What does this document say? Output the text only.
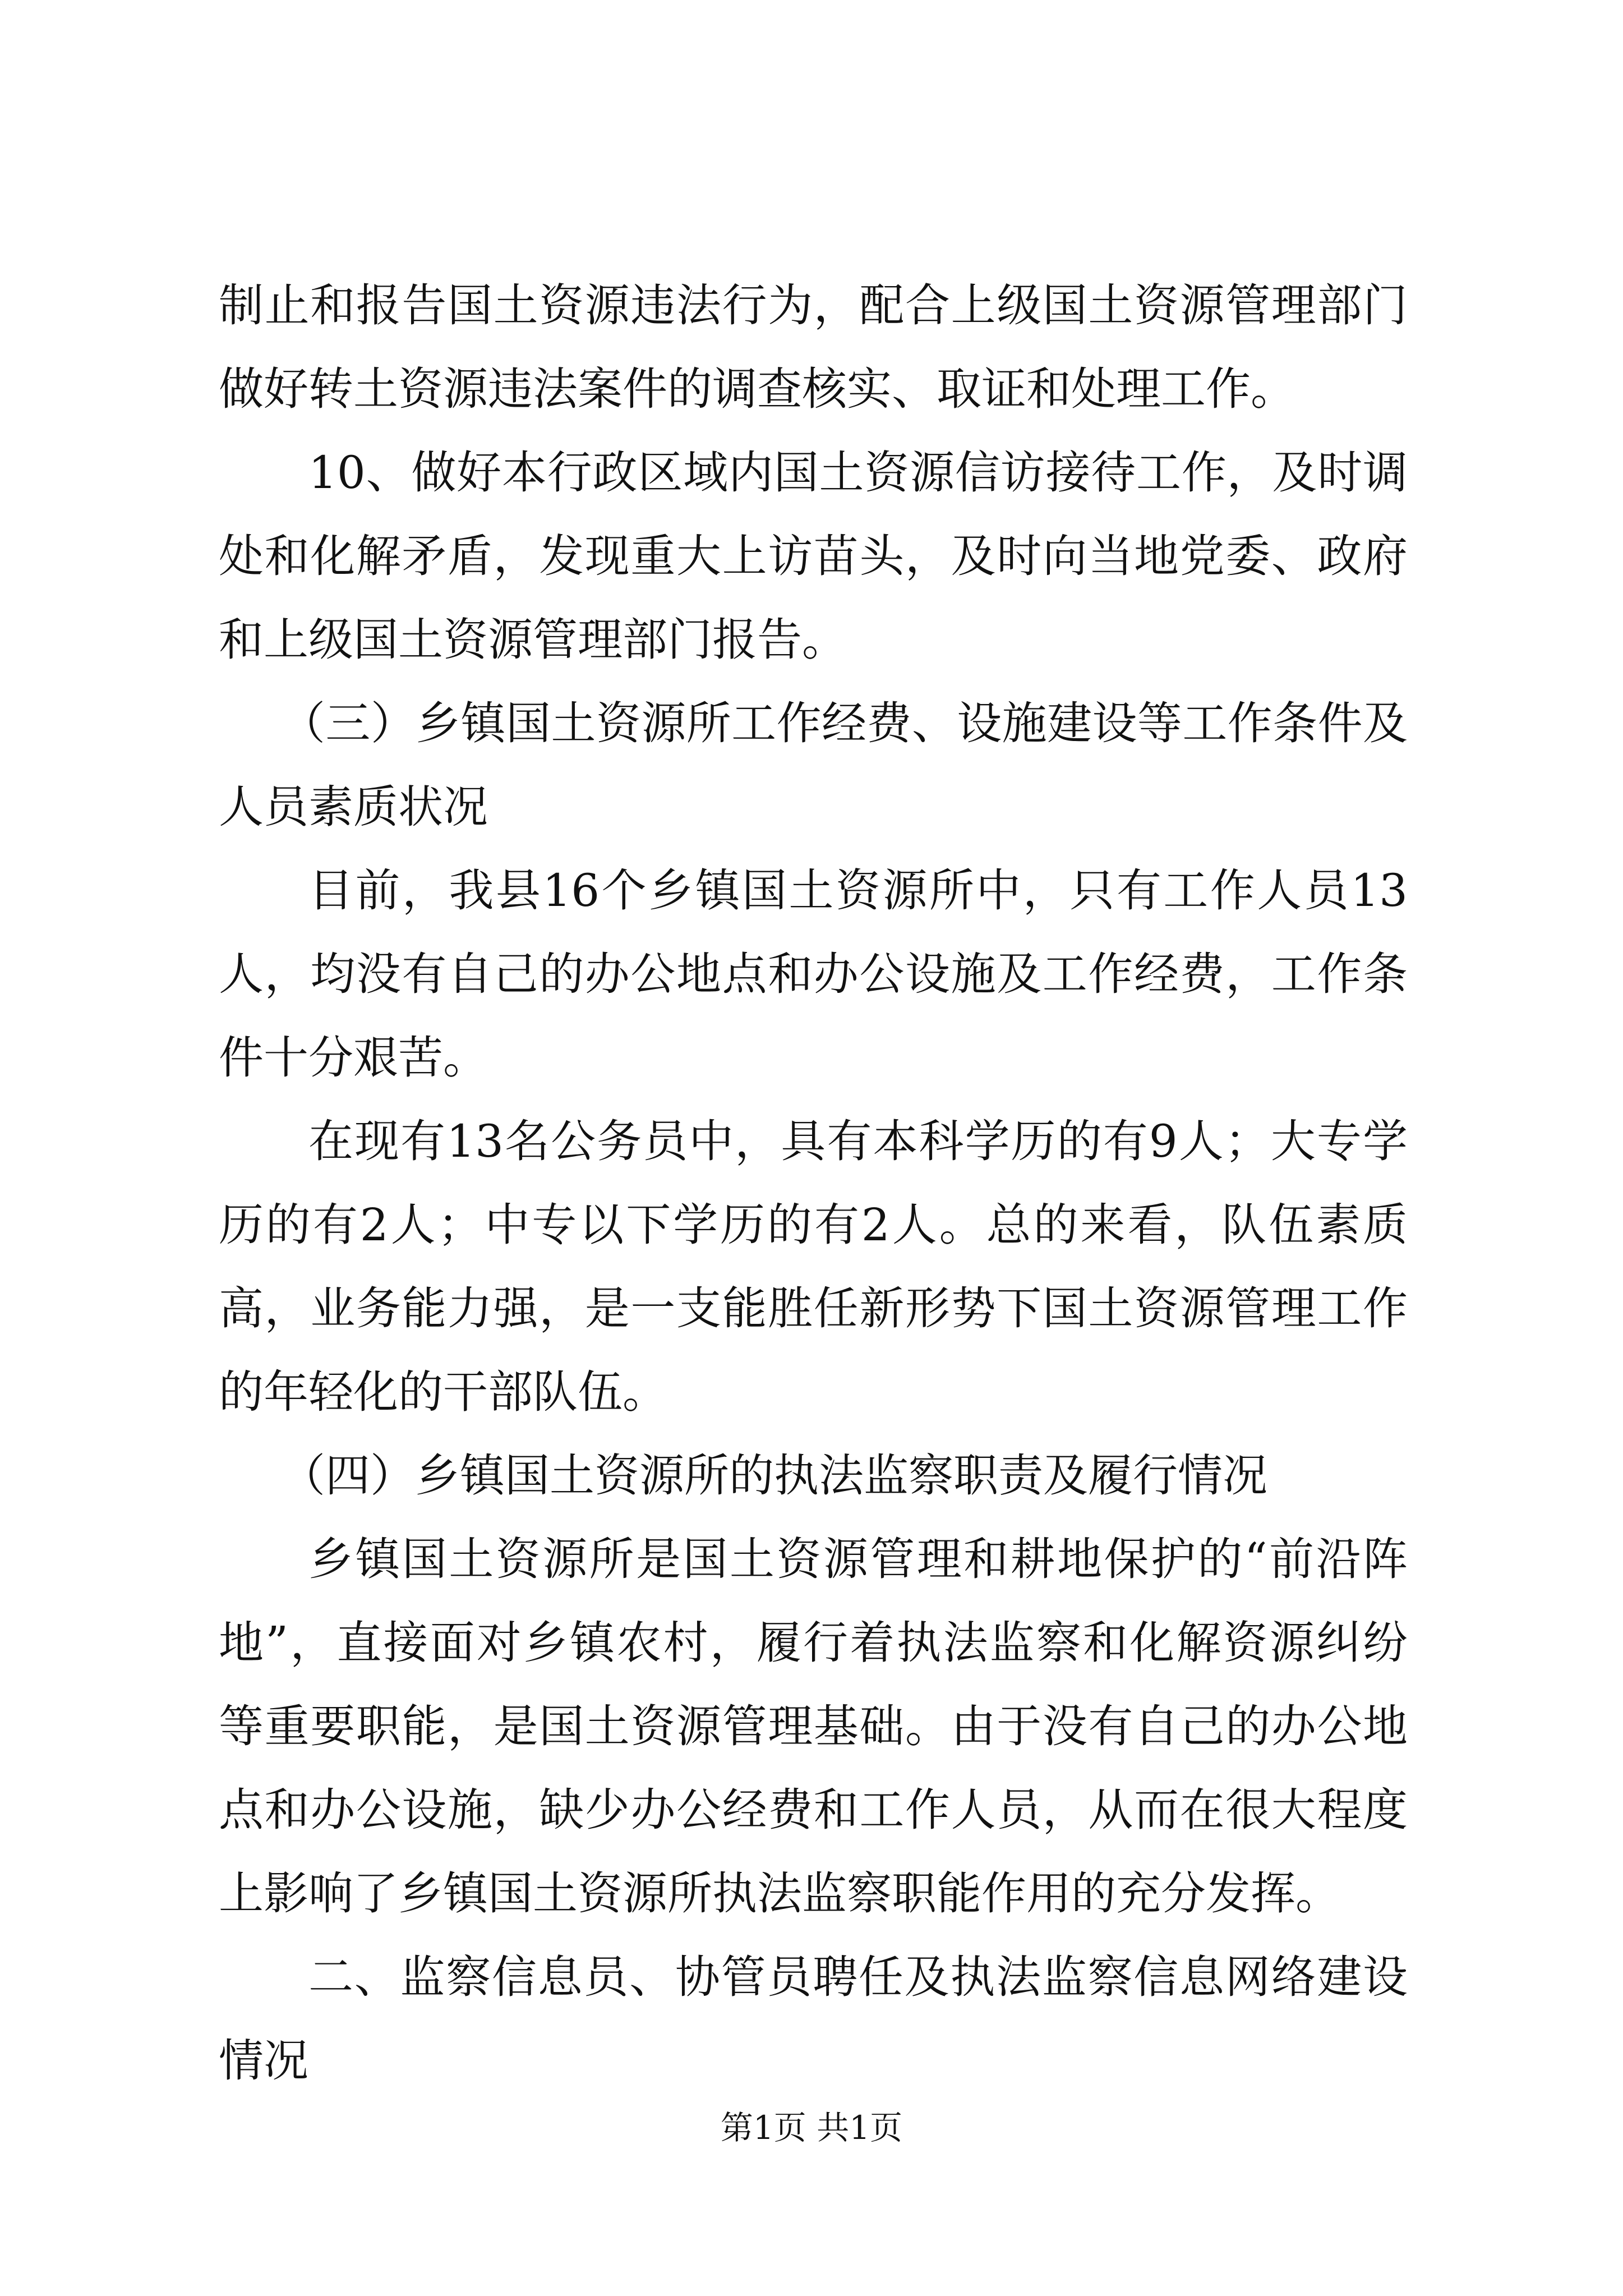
制止和报告国土资源违法行为，配合上级国土资源管理部门做好转土资源违法案件的调查核实、取证和处理工作。

10、做好本行政区域内国土资源信访接待工作，及时调处和化解矛盾，发现重大上访苗头，及时向当地党委、政府和上级国土资源管理部门报告。

（三）乡镇国土资源所工作经费、设施建设等工作条件及人员素质状况

目前，我县16个乡镇国土资源所中，只有工作人员13人，均没有自己的办公地点和办公设施及工作经费，工作条件十分艰苦。

在现有13名公务员中，具有本科学历的有9人；大专学历的有2人；中专以下学历的有2人。总的来看，队伍素质高，业务能力强，是一支能胜任新形势下国土资源管理工作的年轻化的干部队伍。

（四）乡镇国土资源所的执法监察职责及履行情况

乡镇国土资源所是国土资源管理和耕地保护的“前沿阵地”，直接面对乡镇农村，履行着执法监察和化解资源纠纷等重要职能，是国土资源管理基础。由于没有自己的办公地点和办公设施，缺少办公经费和工作人员，从而在很大程度上影响了乡镇国土资源所执法监察职能作用的充分发挥。

二、监察信息员、协管员聘任及执法监察信息网络建设情况

第1页 共1页
